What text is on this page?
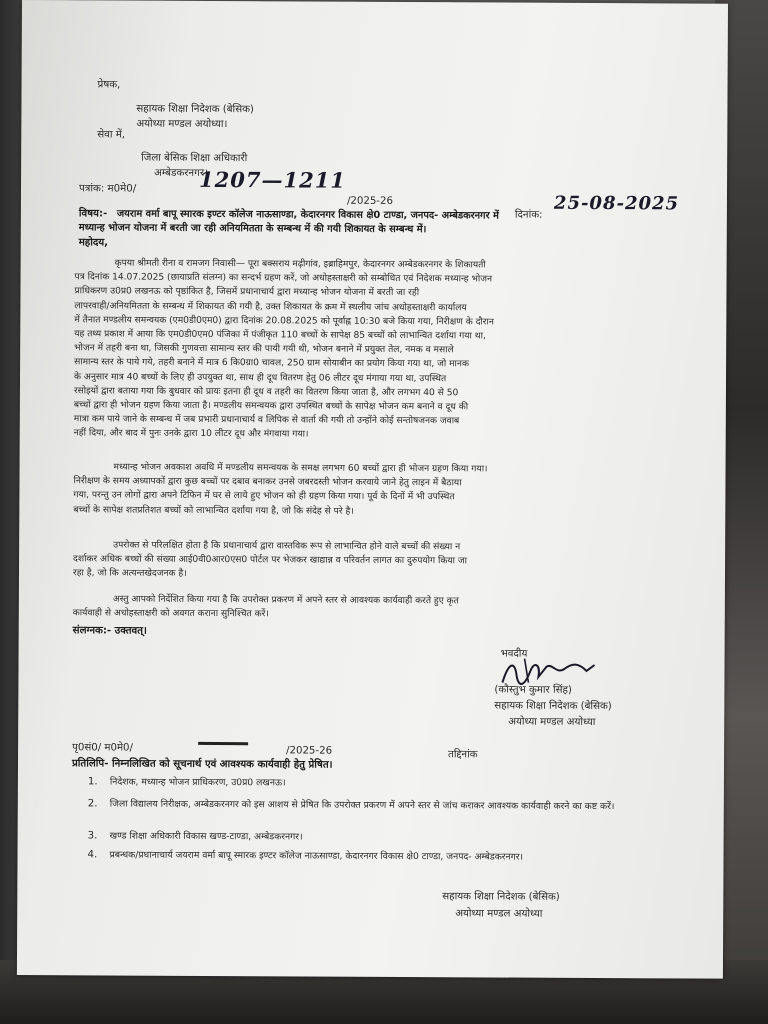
प्रेषक,
सहायक शिक्षा निदेशक (बेसिक)
अयोध्या मण्डल अयोध्या।
सेवा में,
जिला बेसिक शिक्षा अधिकारी
अम्बेडकरनगर।
पत्रांक: म0मे0/	1207—1211
/2025-26
दिनांक:
25-08-2025
विषय:- जयराम वर्मा बापू स्मारक इण्टर कॉलेज नाऊसाण्डा, केदारनगर विकास क्षे0 टाण्डा, जनपद- अम्बेडकरनगर में
मध्यान्ह भोजन योजना में बरती जा रही अनियमितता के सम्बन्ध में की गयी शिकायत के सम्बन्ध में।
महोदय,
कृपया श्रीमती रीना व रामजग निवासी— पूरा बक्सराय मढ़ीगांव, इब्राहिमपुर, केदारनगर अम्बेडकरनगर के शिकायती
पत्र दिनांक 14.07.2025 (छायाप्रति संलग्न) का सन्दर्भ ग्रहण करें, जो अधोहस्ताक्षरी को सम्बोधित एवं निदेशक मध्यान्ह भोजन
प्राधिकरण उ0प्र0 लखनऊ को पृष्ठांकित है, जिसमें प्रधानाचार्य द्वारा मध्यान्ह भोजन योजना में बरती जा रही
लापरवाही/अनियमितता के सम्बन्ध में शिकायत की गयी है, उक्त शिकायत के क्रम में स्थलीय जांच अधोहस्ताक्षरी कार्यालय
में तैनात मण्डलीय समन्वयक (एम0डी0एम0) द्वारा दिनांक 20.08.2025 को पूर्वाह्न 10:30 बजे किया गया, निरीक्षण के दौरान
यह तथ्य प्रकाश में आया कि एम0डी0एम0 पंजिका में पंजीकृत 110 बच्चों के सापेक्ष 85 बच्चों को लाभान्वित दर्शाया गया था,
भोजन में तहरी बना था, जिसकी गुणवत्ता सामान्य स्तर की पायी गयी थी, भोजन बनाने में प्रयुक्त तेल, नमक व मसाले
सामान्य स्तर के पाये गये, तहरी बनाने में मात्र 6 कि0ग्रा0 चावल, 250 ग्राम सोयाबीन का प्रयोग किया गया था, जो मानक
के अनुसार मात्र 40 बच्चों के लिए ही उपयुक्त था, साथ ही दूध वितरण हेतु 06 लीटर दूध मंगाया गया था, उपस्थित
रसोइयों द्वारा बताया गया कि बुधवार को प्रायः इतना ही दूध व तहरी का वितरण किया जाता है, और लगभग 40 से 50
बच्चों द्वारा ही भोजन ग्रहण किया जाता है। मण्डलीय समन्वयक द्वारा उपस्थित बच्चों के सापेक्ष भोजन कम बनाने व दूध की
मात्रा कम पाये जाने के सम्बन्ध में जब प्रभारी प्रधानाचार्य व लिपिक से वार्ता की गयी तो उन्होंने कोई सन्तोषजनक जवाब
नहीं दिया, और बाद में पुनः उनके द्वारा 10 लीटर दूध और मंगवाया गया।
मध्यान्ह भोजन अवकाश अवधि में मण्डलीय समन्वयक के समक्ष लगभग 60 बच्चों द्वारा ही भोजन ग्रहण किया गया।
निरीक्षण के समय अध्यापकों द्वारा कुछ बच्चों पर दबाव बनाकर उनसे जबरदस्ती भोजन करवाये जाने हेतु लाइन में बैठाया
गया, परन्तु उन लोगों द्वारा अपने टिफिन में घर से लाये हुए भोजन को ही ग्रहण किया गया। पूर्व के दिनों में भी उपस्थित
बच्चों के सापेक्ष शतप्रतिशत बच्चों को लाभान्वित दर्शाया गया है, जो कि संदेह से परे है।
उपरोक्त से परिलक्षित होता है कि प्रधानाचार्य द्वारा वास्तविक रूप से लाभान्वित होने वाले बच्चों की संख्या न
दर्शाकर अधिक बच्चों की संख्या आई0वी0आर0एस0 पोर्टल पर भेजकर खाद्यान्न व परिवर्तन लागत का दुरुपयोग किया जा
रहा है, जो कि अत्यन्तखेदजनक है।
अस्तु आपको निर्देशित किया गया है कि उपरोक्त प्रकरण में अपने स्तर से आवश्यक कार्यवाही करते हुए कृत
कार्यवाही से अधोहस्ताक्षरी को अवगत कराना सुनिश्चित करें।
संलग्नक:- उक्तवत्।
भवदीय
(कौस्तुभ कुमार सिंह)
सहायक शिक्षा निदेशक (बेसिक)
अयोध्या मण्डल अयोध्या
पृ0सं0/ म0मे0/	/2025-26	तद्दिनांक
प्रतिलिपि- निम्नलिखित को सूचनार्थ एवं आवश्यक कार्यवाही हेतु प्रेषित।
1. निदेशक, मध्यान्ह भोजन प्राधिकरण, उ0प्र0 लखनऊ।
2. जिला विद्यालय निरीक्षक, अम्बेडकरनगर को इस आशय से प्रेषित कि उपरोक्त प्रकरण में अपने स्तर से जांच कराकर आवश्यक कार्यवाही करने का कष्ट करें।
3. खण्ड शिक्षा अधिकारी विकास खण्ड-टाण्डा, अम्बेडकरनगर।
4. प्रबन्धक/प्रधानाचार्य जयराम वर्मा बापू स्मारक इण्टर कॉलेज नाऊसाण्डा, केदारनगर विकास क्षे0 टाण्डा, जनपद- अम्बेडकरनगर।
सहायक शिक्षा निदेशक (बेसिक)
अयोध्या मण्डल अयोध्या
